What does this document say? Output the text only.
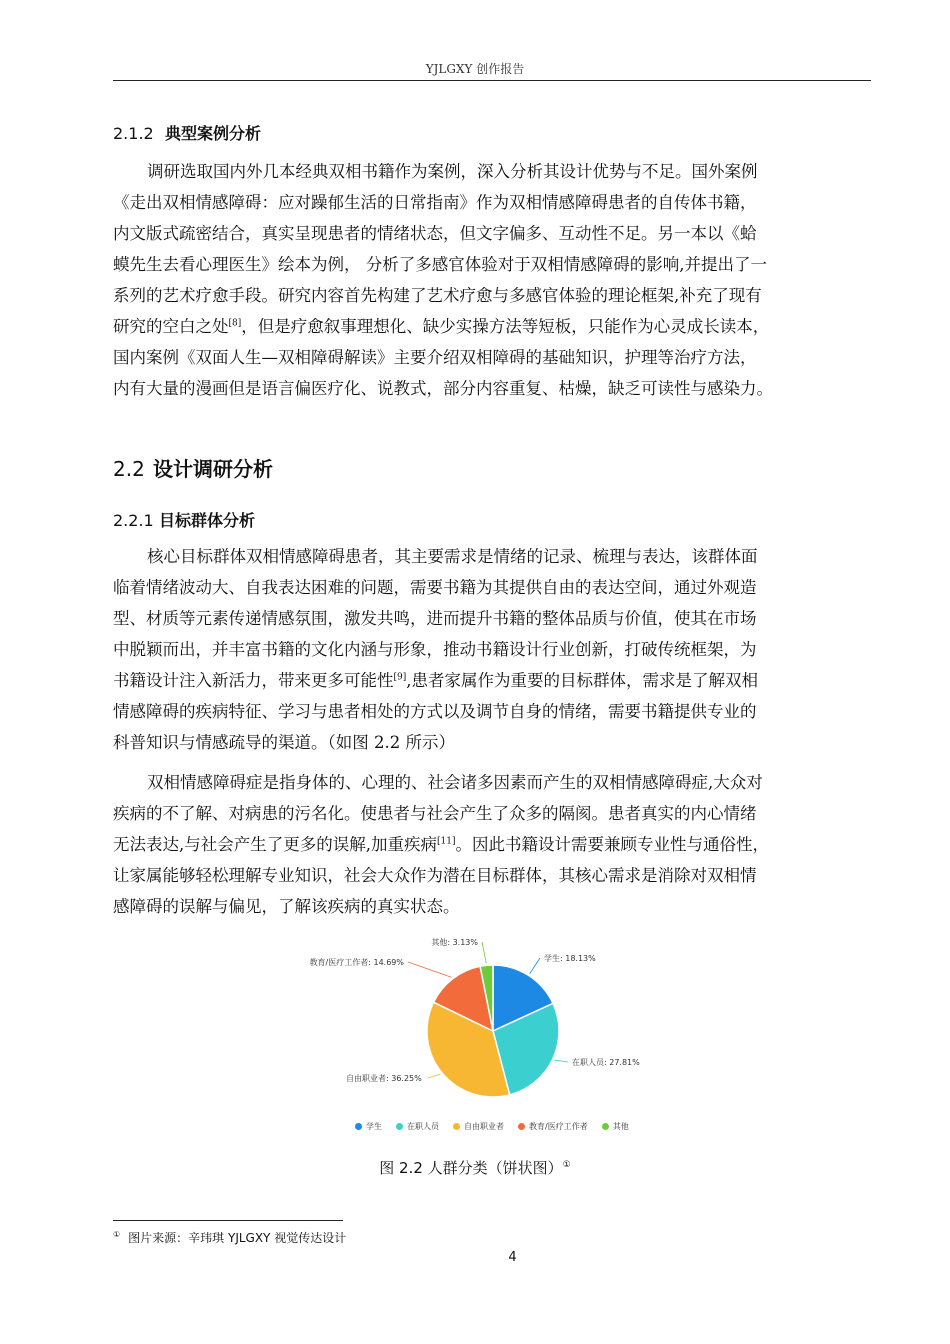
YJLGXY 创作报告
2.1.2 典型案例分析
调研选取国内外几本经典双相书籍作为案例，深入分析其设计优势与不足。国外案例
《走出双相情感障碍：应对躁郁生活的日常指南》作为双相情感障碍患者的自传体书籍，
内文版式疏密结合，真实呈现患者的情绪状态，但文字偏多、互动性不足。另一本以《蛤
蟆先生去看心理医生》绘本为例， 分析了多感官体验对于双相情感障碍的影响,并提出了一
系列的艺术疗愈手段。研究内容首先构建了艺术疗愈与多感官体验的理论框架,补充了现有
研究的空白之处[8]，但是疗愈叙事理想化、缺少实操方法等短板，只能作为心灵成长读本，
国内案例《双面人生—双相障碍解读》主要介绍双相障碍的基础知识，护理等治疗方法，
内有大量的漫画但是语言偏医疗化、说教式，部分内容重复、枯燥，缺乏可读性与感染力。
2.2 设计调研分析
2.2.1 目标群体分析
核心目标群体双相情感障碍患者，其主要需求是情绪的记录、梳理与表达，该群体面
临着情绪波动大、自我表达困难的问题，需要书籍为其提供自由的表达空间，通过外观造
型、材质等元素传递情感氛围，激发共鸣，进而提升书籍的整体品质与价值，使其在市场
中脱颖而出，并丰富书籍的文化内涵与形象，推动书籍设计行业创新，打破传统框架，为
书籍设计注入新活力，带来更多可能性[9],患者家属作为重要的目标群体，需求是了解双相
情感障碍的疾病特征、学习与患者相处的方式以及调节自身的情绪，需要书籍提供专业的
科普知识与情感疏导的渠道。（如图 2.2 所示）
双相情感障碍症是指身体的、心理的、社会诸多因素而产生的双相情感障碍症,大众对
疾病的不了解、对病患的污名化。使患者与社会产生了众多的隔阂。患者真实的内心情绪
无法表达,与社会产生了更多的误解,加重疾病[11]。因此书籍设计需要兼顾专业性与通俗性，
让家属能够轻松理解专业知识，社会大众作为潜在目标群体，其核心需求是消除对双相情
感障碍的误解与偏见，了解该疾病的真实状态。
学生: 18.13%
在职人员: 27.81%
自由职业者: 36.25%
教育/医疗工作者: 14.69%
其他: 3.13%
学生	在职人员	自由职业者	教育/医疗工作者	其他
图 2.2 人群分类（饼状图）①
① 图片来源：辛玮琪 YJLGXY 视觉传达设计
4
